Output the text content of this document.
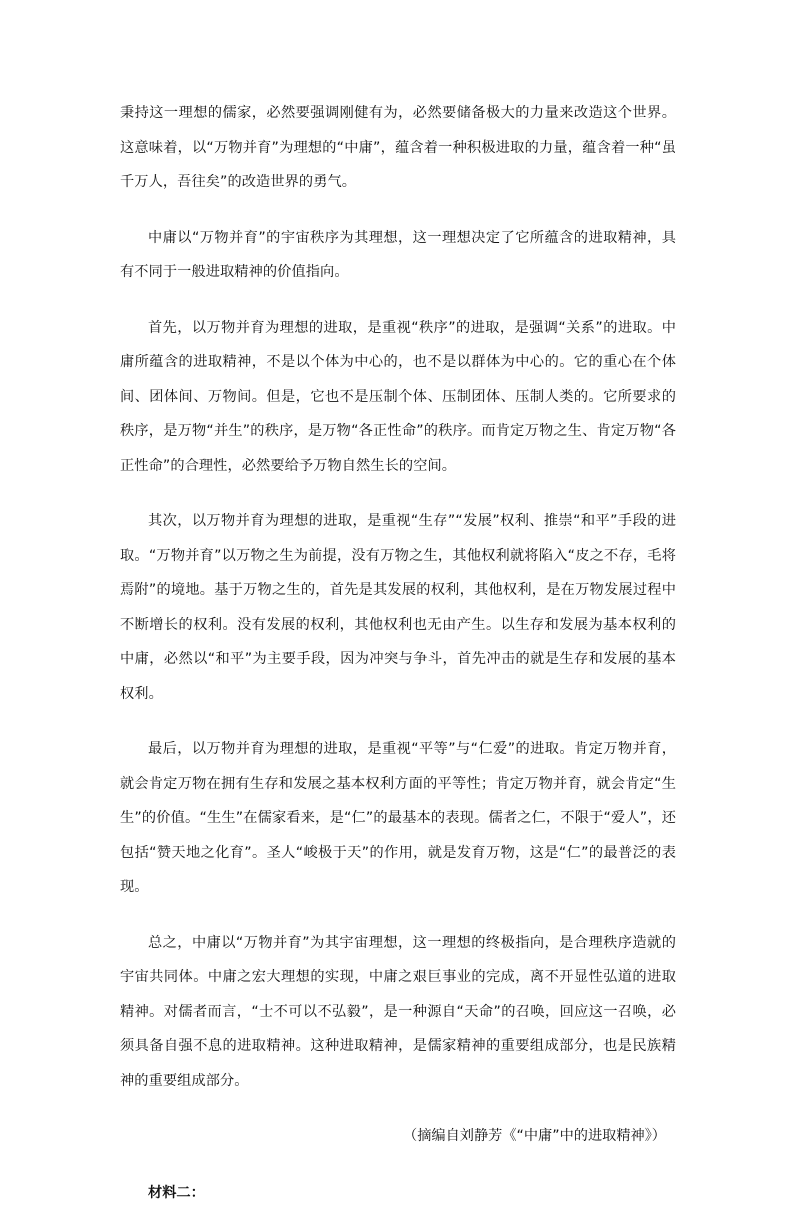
秉持这一理想的儒家，必然要强调刚健有为，必然要储备极大的力量来改造这个世界。这意味着，以“万物并育”为理想的“中庸”，蕴含着一种积极进取的力量，蕴含着一种“虽千万人，吾往矣”的改造世界的勇气。

中庸以“万物并育”的宇宙秩序为其理想，这一理想决定了它所蕴含的进取精神，具有不同于一般进取精神的价值指向。

首先，以万物并育为理想的进取，是重视“秩序”的进取，是强调“关系”的进取。中庸所蕴含的进取精神，不是以个体为中心的，也不是以群体为中心的。它的重心在个体间、团体间、万物间。但是，它也不是压制个体、压制团体、压制人类的。它所要求的秩序，是万物“并生”的秩序，是万物“各正性命”的秩序。而肯定万物之生、肯定万物“各正性命”的合理性，必然要给予万物自然生长的空间。

其次，以万物并育为理想的进取，是重视“生存”“发展”权利、推崇“和平”手段的进取。“万物并育”以万物之生为前提，没有万物之生，其他权利就将陷入“皮之不存，毛将焉附”的境地。基于万物之生的，首先是其发展的权利，其他权利，是在万物发展过程中不断增长的权利。没有发展的权利，其他权利也无由产生。以生存和发展为基本权利的中庸，必然以“和平”为主要手段，因为冲突与争斗，首先冲击的就是生存和发展的基本权利。

最后，以万物并育为理想的进取，是重视“平等”与“仁爱”的进取。肯定万物并育，就会肯定万物在拥有生存和发展之基本权利方面的平等性；肯定万物并育，就会肯定“生生”的价值。“生生”在儒家看来，是“仁”的最基本的表现。儒者之仁，不限于“爱人”，还包括“赞天地之化育”。圣人“峻极于天”的作用，就是发育万物，这是“仁”的最普泛的表现。

总之，中庸以“万物并育”为其宇宙理想，这一理想的终极指向，是合理秩序造就的宇宙共同体。中庸之宏大理想的实现，中庸之艰巨事业的完成，离不开显性弘道的进取精神。对儒者而言，“士不可以不弘毅”，是一种源自“天命”的召唤，回应这一召唤，必须具备自强不息的进取精神。这种进取精神，是儒家精神的重要组成部分，也是民族精神的重要组成部分。

（摘编自刘静芳《“中庸”中的进取精神》）

材料二：
